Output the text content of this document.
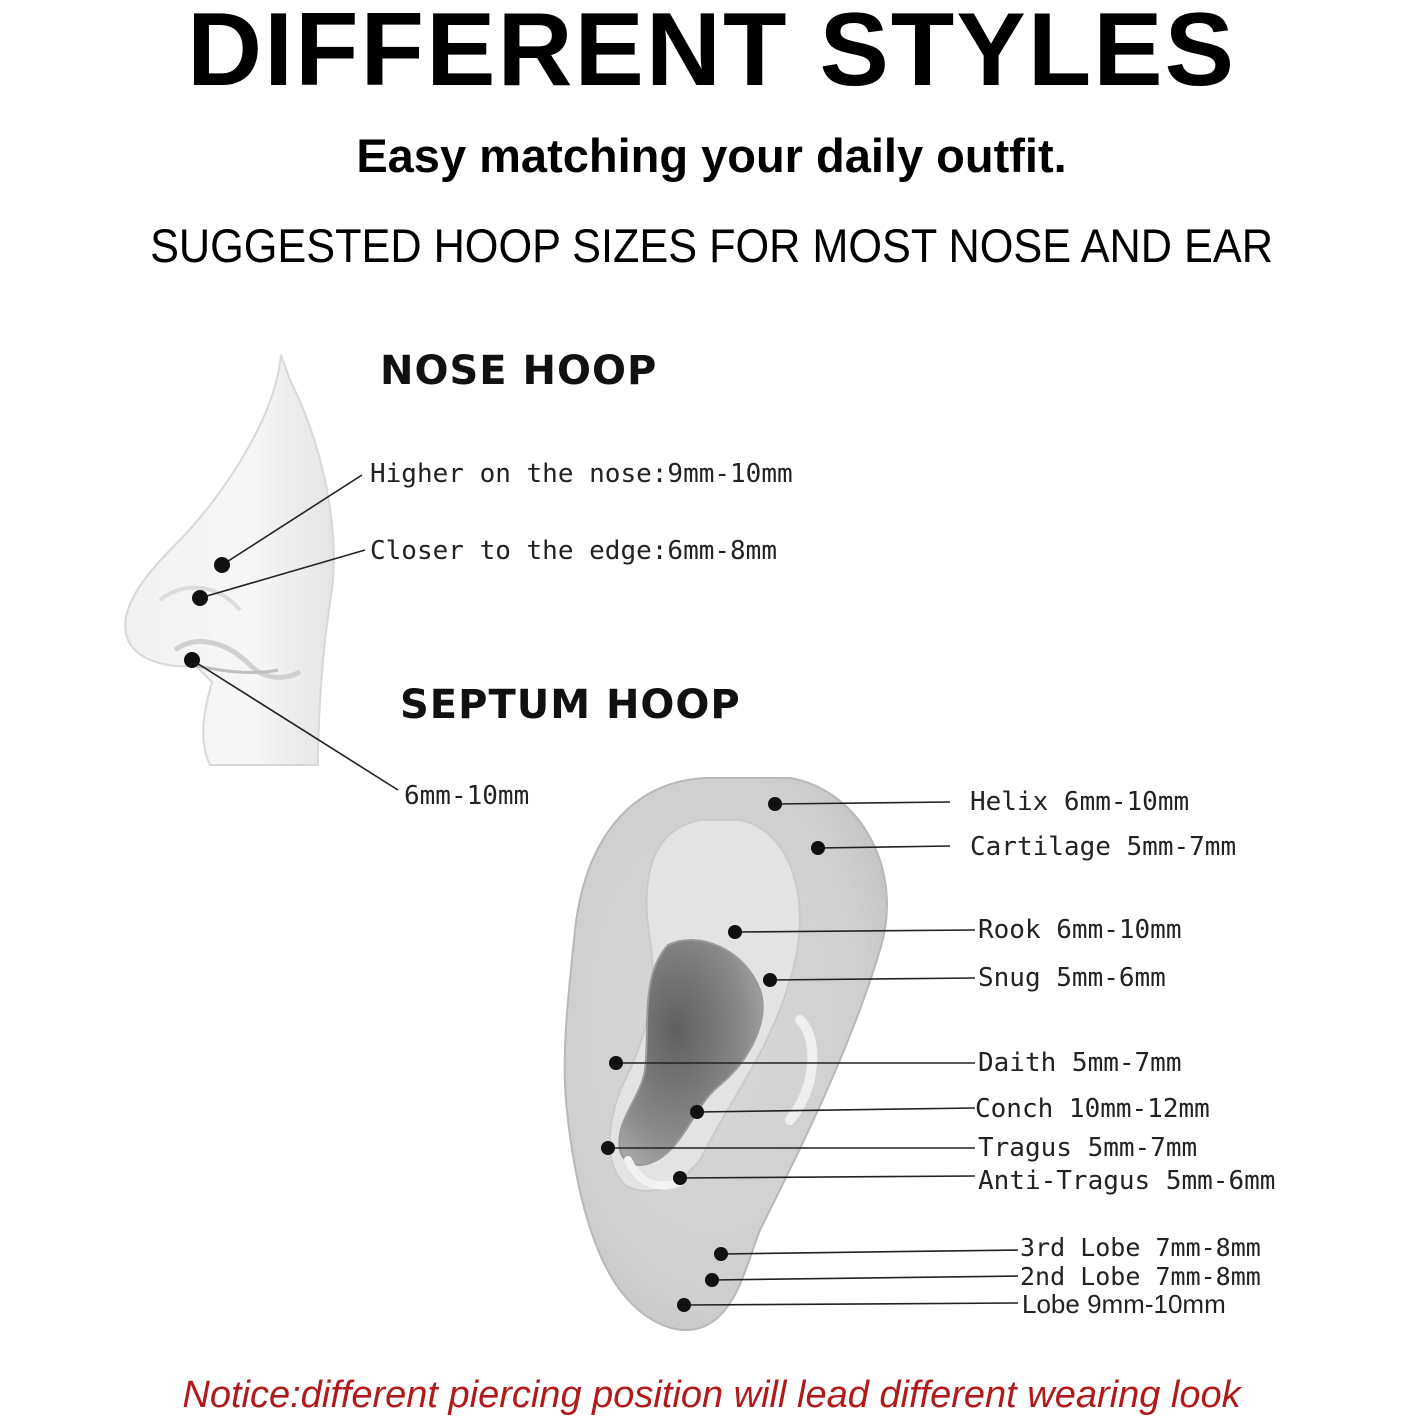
DIFFERENT STYLES
Easy matching your daily outfit.
SUGGESTED HOOP SIZES FOR MOST NOSE AND EAR
NOSE HOOP
Higher on the nose:9mm-10mm
Closer to the edge:6mm-8mm
SEPTUM HOOP
6mm-10mm	Helix 6mm-10mm
Cartilage 5mm-7mm
Rook 6mm-10mm
Snug 5mm-6mm
Daith 5mm-7mm
Conch 10mm-12mm
Tragus 5mm-7mm
Anti-Tragus 5mm-6mm
3rd Lobe 7mm-8mm
2nd Lobe 7mm-8mm
Lobe 9mm-10mm
Notice:different piercing position will lead different wearing look
